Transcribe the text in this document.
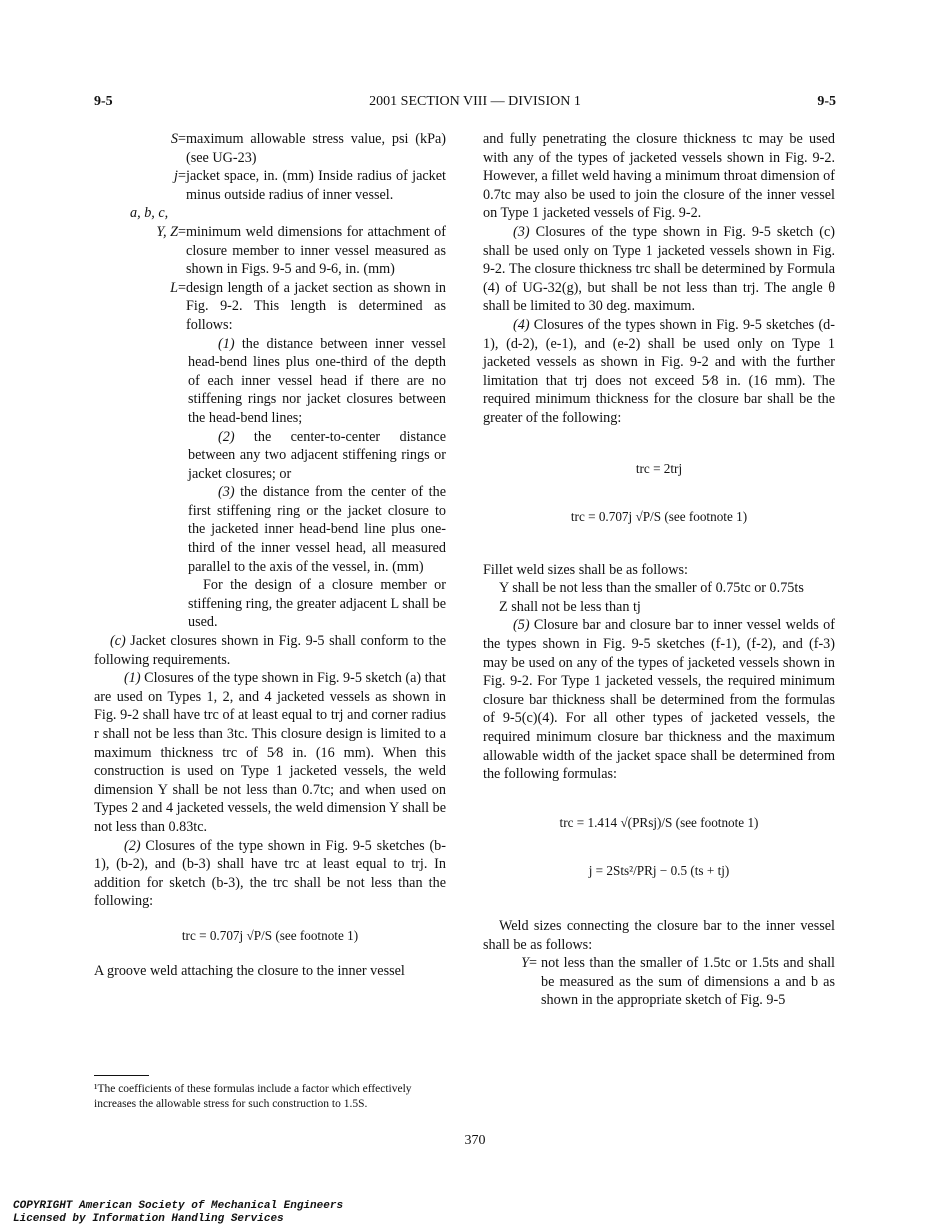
9-5	2001 SECTION VIII — DIVISION 1	9-5
S = maximum allowable stress value, psi (kPa) (see UG-23)
j = jacket space, in. (mm) Inside radius of jacket minus outside radius of inner vessel.
a, b, c,
Y, Z = minimum weld dimensions for attachment of closure member to inner vessel measured as shown in Figs. 9-5 and 9-6, in. (mm)
L = design length of a jacket section as shown in Fig. 9-2. This length is determined as follows:

(1) the distance between inner vessel head-bend lines plus one-third of the depth of each inner vessel head if there are no stiffening rings nor jacket closures between the head-bend lines;

(2) the center-to-center distance between any two adjacent stiffening rings or jacket closures; or

(3) the distance from the center of the first stiffening ring or the jacket closure to the jacketed inner head-bend line plus one-third of the inner vessel head, all measured parallel to the axis of the vessel, in. (mm)

For the design of a closure member or stiffening ring, the greater adjacent L shall be used.

(c) Jacket closures shown in Fig. 9-5 shall conform to the following requirements.

(1) Closures of the type shown in Fig. 9-5 sketch (a) that are used on Types 1, 2, and 4 jacketed vessels as shown in Fig. 9-2 shall have trc of at least equal to trj and corner radius r shall not be less than 3tc. This closure design is limited to a maximum thickness trc of 5⁄8 in. (16 mm). When this construction is used on Type 1 jacketed vessels, the weld dimension Y shall be not less than 0.7tc; and when used on Types 2 and 4 jacketed vessels, the weld dimension Y shall be not less than 0.83tc.

(2) Closures of the type shown in Fig. 9-5 sketches (b-1), (b-2), and (b-3) shall have trc at least equal to trj. In addition for sketch (b-3), the trc shall be not less than the following:

trc = 0.707j √P/S (see footnote 1)

A groove weld attaching the closure to the inner vessel

¹The coefficients of these formulas include a factor which effectively increases the allowable stress for such construction to 1.5S.

and fully penetrating the closure thickness tc may be used with any of the types of jacketed vessels shown in Fig. 9-2. However, a fillet weld having a minimum throat dimension of 0.7tc may also be used to join the closure of the inner vessel on Type 1 jacketed vessels of Fig. 9-2.

(3) Closures of the type shown in Fig. 9-5 sketch (c) shall be used only on Type 1 jacketed vessels shown in Fig. 9-2. The closure thickness trc shall be determined by Formula (4) of UG-32(g), but shall be not less than trj. The angle θ shall be limited to 30 deg. maximum.

(4) Closures of the types shown in Fig. 9-5 sketches (d-1), (d-2), (e-1), and (e-2) shall be used only on Type 1 jacketed vessels as shown in Fig. 9-2 and with the further limitation that trj does not exceed 5⁄8 in. (16 mm). The required minimum thickness for the closure bar shall be the greater of the following:

trc = 2trj

trc = 0.707j √P/S (see footnote 1)

Fillet weld sizes shall be as follows:

Y shall be not less than the smaller of 0.75tc or 0.75ts

Z shall not be less than tj

(5) Closure bar and closure bar to inner vessel welds of the types shown in Fig. 9-5 sketches (f-1), (f-2), and (f-3) may be used on any of the types of jacketed vessels shown in Fig. 9-2. For Type 1 jacketed vessels, the required minimum closure bar thickness shall be determined from the formulas of 9-5(c)(4). For all other types of jacketed vessels, the required minimum closure bar thickness and the maximum allowable width of the jacket space shall be determined from the following formulas:

trc = 1.414 √(PRsj)/S (see footnote 1)

j = 2Sts²/PRj − 0.5 (ts + tj)

Weld sizes connecting the closure bar to the inner vessel shall be as follows:

Y = not less than the smaller of 1.5tc or 1.5ts and shall be measured as the sum of dimensions a and b as shown in the appropriate sketch of Fig. 9-5
370
COPYRIGHT American Society of Mechanical Engineers
Licensed by Information Handling Services
